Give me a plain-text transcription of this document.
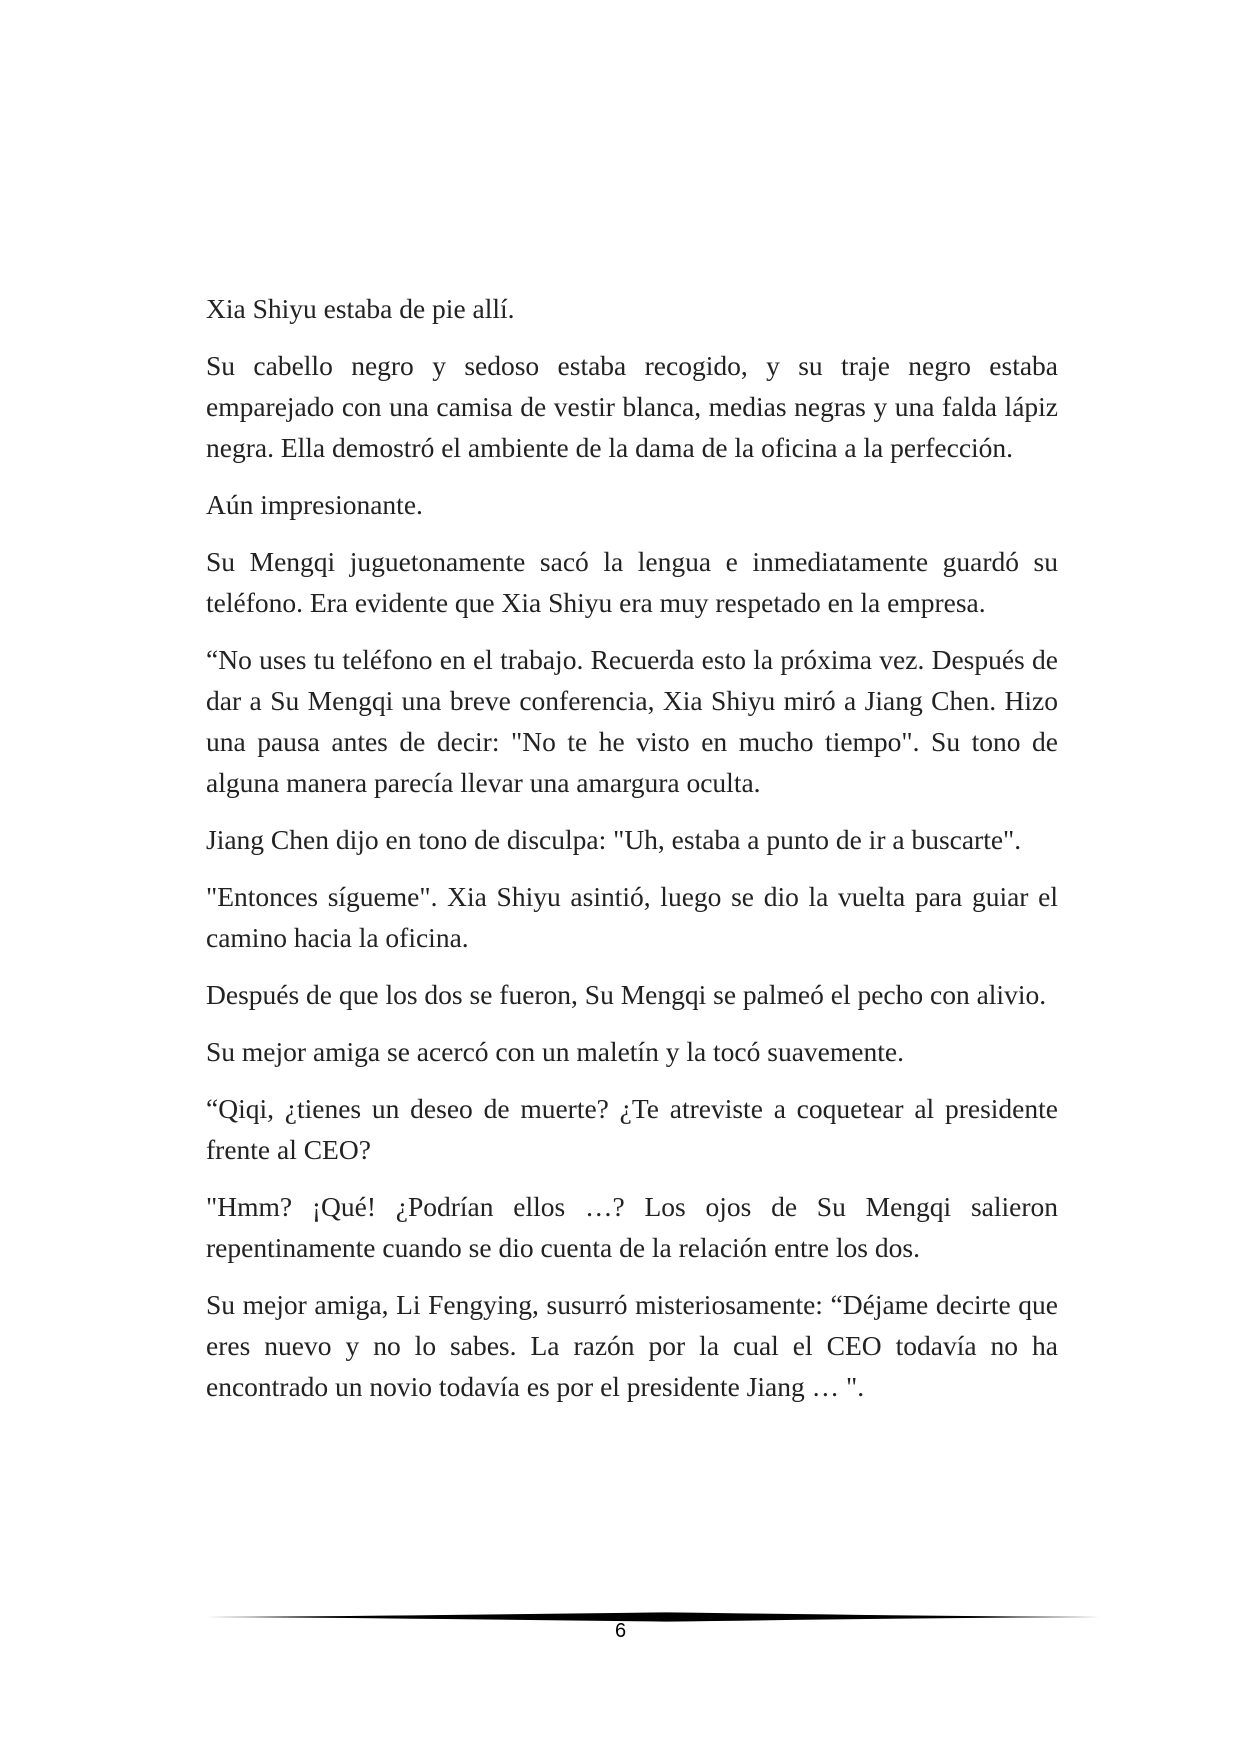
Xia Shiyu estaba de pie allí.

Su cabello negro y sedoso estaba recogido, y su traje negro estaba emparejado con una camisa de vestir blanca, medias negras y una falda lápiz negra. Ella demostró el ambiente de la dama de la oficina a la perfección.

Aún impresionante.

Su Mengqi juguetonamente sacó la lengua e inmediatamente guardó su teléfono. Era evidente que Xia Shiyu era muy respetado en la empresa.

“No uses tu teléfono en el trabajo. Recuerda esto la próxima vez. Después de dar a Su Mengqi una breve conferencia, Xia Shiyu miró a Jiang Chen. Hizo una pausa antes de decir: "No te he visto en mucho tiempo". Su tono de alguna manera parecía llevar una amargura oculta.

Jiang Chen dijo en tono de disculpa: "Uh, estaba a punto de ir a buscarte".

"Entonces sígueme". Xia Shiyu asintió, luego se dio la vuelta para guiar el camino hacia la oficina.

Después de que los dos se fueron, Su Mengqi se palmeó el pecho con alivio.

Su mejor amiga se acercó con un maletín y la tocó suavemente.

“Qiqi, ¿tienes un deseo de muerte? ¿Te atreviste a coquetear al presidente frente al CEO?

"Hmm? ¡Qué! ¿Podrían ellos …? Los ojos de Su Mengqi salieron repentinamente cuando se dio cuenta de la relación entre los dos.

Su mejor amiga, Li Fengying, susurró misteriosamente: “Déjame decirte que eres nuevo y no lo sabes. La razón por la cual el CEO todavía no ha encontrado un novio todavía es por el presidente Jiang … ".

6
